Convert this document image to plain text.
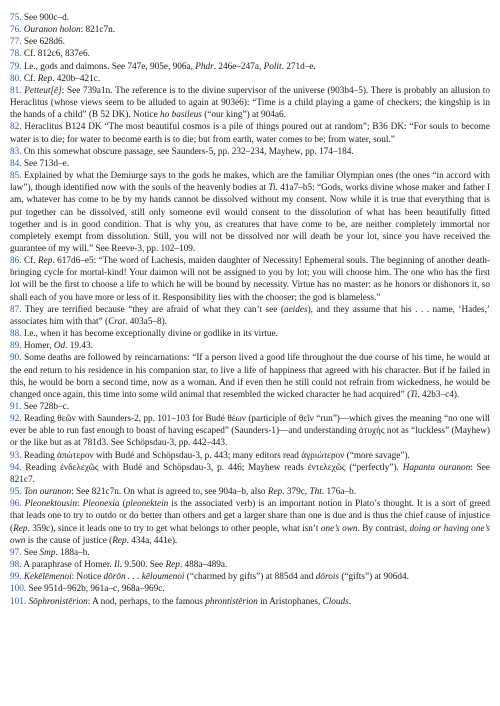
75. See 900c–d.

76. Ouranon holon: 821c7n.

77. See 628d6.

78. Cf. 812c6, 837e6.

79. I.e., gods and daimons. See 747e, 905e, 906a, Phdr. 246e–247a, Polit. 271d–e.

80. Cf. Rep. 420b–421c.

81. Petteut[ē]: See 739a1n. The reference is to the divine supervisor of the universe (903b4–5). There is probably an allusion to Heraclitus (whose views seem to be alluded to again at 903e6): “Time is a child playing a game of checkers; the kingship is in the hands of a child” (B 52 DK). Notice ho basileus (“our king”) at 904a6.

82. Heraclitus B124 DK “The most beautiful cosmos is a pile of things poured out at random”; B36 DK: “For souls to become water is to die; for water to become earth is to die; but from earth, water comes to be; from water, soul.”

83. On this somewhat obscure passage, see Saunders-5, pp. 232–234, Mayhew, pp. 174–184.

84. See 713d–e.

85. Explained by what the Demiurge says to the gods he makes, which are the familiar Olympian ones (the ones “in accord with law”), though identified now with the souls of the heavenly bodies at Ti. 41a7–b5: “Gods, works divine whose maker and father I am, whatever has come to be by my hands cannot be dissolved without my consent. Now while it is true that everything that is put together can be dissolved, still only someone evil would consent to the dissolution of what has been beautifully fitted together and is in good condition. That is why you, as creatures that have come to be, are neither completely immortal nor completely exempt from dissolution. Still, you will not be dissolved nor will death be your lot, since you have received the guarantee of my will.” See Reeve-3, pp. 102–109.

86. Cf. Rep. 617d6–e5: “The word of Lachesis, maiden daughter of Necessity! Ephemeral souls. The beginning of another death-bringing cycle for mortal-kind! Your daimon will not be assigned to you by lot; you will choose him. The one who has the first lot will be the first to choose a life to which he will be bound by necessity. Virtue has no master: as he honors or dishonors it, so shall each of you have more or less of it. Responsibility lies with the chooser; the god is blameless.”

87. They are terrified because “they are afraid of what they can’t see (aeides), and they assume that his . . . name, ‘Hades,’ associates him with that” (Crat. 403a5–8).

88. I.e., when it has become exceptionally divine or godlike in its virtue.

89. Homer, Od. 19.43.

90. Some deaths are followed by reincarnations: “If a person lived a good life throughout the due course of his time, he would at the end return to his residence in his companion star, to live a life of happiness that agreed with his character. But if he failed in this, he would be born a second time, now as a woman. And if even then he still could not refrain from wickedness, he would be changed once again, this time into some wild animal that resembled the wicked character he had acquired” (Ti. 42b3–c4).

91. See 728b–c.

92. Reading θεῶν with Saunders-2, pp. 101–103 for Budé θέων (participle of θεῖν “run”)—which gives the meaning “no one will ever be able to run fast enough to boast of having escaped” (Saunders-1)—and understanding ἀτυχής not as “luckless” (Mayhew) or the like but as at 781d3. See Schöpsdau-3, pp. 442–443.

93. Reading ἀπώτερον with Budé and Schöpsdau-3, p. 443; many editors read ἀγριώτερον (“more savage”).

94. Reading ἐνδελεχῶς with Budé and Schöpsdau-3, p. 446; Mayhew reads ἐντελεχῶς (“perfectly”). Hapanta ouranon: See 821c7.

95. Ton ouranon: See 821c7n. On what is agreed to, see 904a–b, also Rep. 379c, Tht. 176a–b.

96. Pleonektousin: Pleonexia (pleonektein is the associated verb) is an important notion in Plato’s thought. It is a sort of greed that leads one to try to outdo or do better than others and get a larger share than one is due and is thus the chief cause of injustice (Rep. 359c), since it leads one to try to get what belongs to other people, what isn’t one’s own. By contrast, doing or having one’s own is the cause of justice (Rep. 434a, 441e).

97. See Smp. 188a–b.

98. A paraphrase of Homer. Il. 9.500. See Rep. 488a–489a.

99. Kekēlēmenoi: Notice dōrōn . . . kēloumenoi (“charmed by gifts”) at 885d4 and dōrois (“gifts”) at 906d4.

100. See 951d–962b, 961a–c, 968a–969c.

101. Sōphronistērion: A nod, perhaps, to the famous phrontistērion in Aristophanes, Clouds.
